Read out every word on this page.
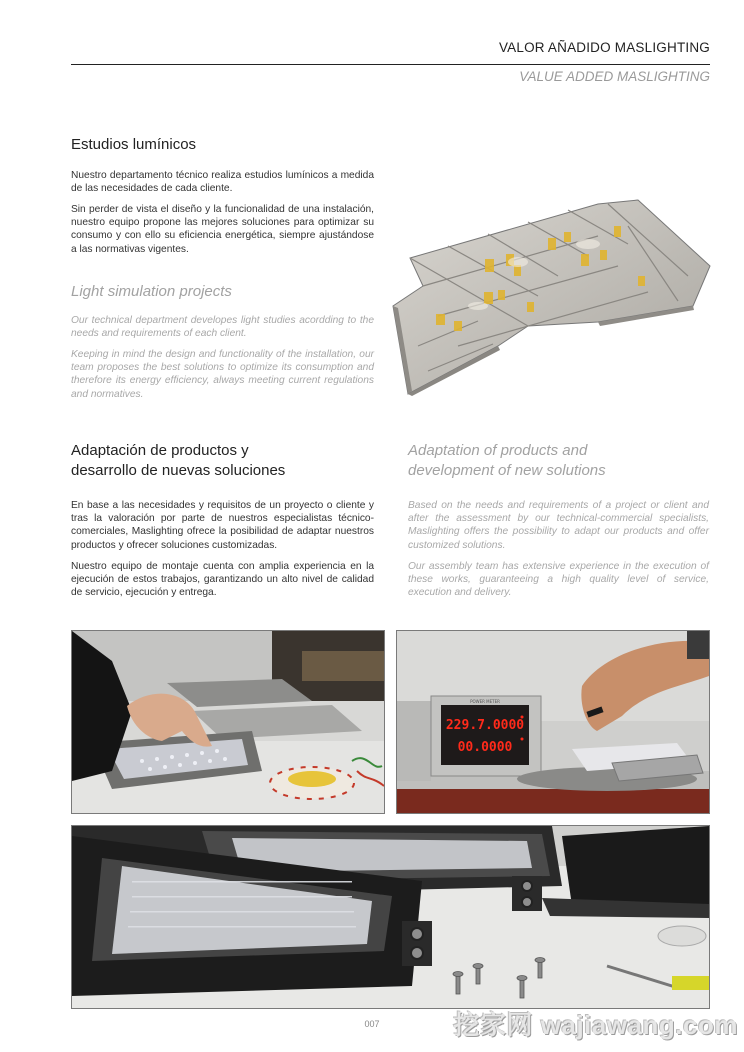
VALOR AÑADIDO MASLIGHTING
VALUE ADDED MASLIGHTING
Estudios lumínicos

Nuestro departamento técnico realiza estudios lumínicos a medida de las necesidades de cada cliente.

Sin perder de vista el diseño y la funcionalidad de una instalación, nuestro equipo propone las mejores soluciones para optimizar su consumo y con ello su eficiencia energética, siempre ajustándose a las normativas vigentes.

Light simulation projects

Our technical department developes light studies acordding to the needs and requirements of each client.

Keeping in mind the design and functionality of the installation, our team proposes the best solutions to optimize its consumption and therefore its energy efficiency, always meeting current regulations and normatives.

Adaptación de productos y
desarrollo de nuevas soluciones

En base a las necesidades y requisitos de un proyecto o cliente y tras la valoración por parte de nuestros especialistas técnico-comerciales, Maslighting ofrece la posibilidad de adaptar nuestros productos y ofrecer soluciones customizadas.

Nuestro equipo de montaje cuenta con amplia experiencia en la ejecución de estos trabajos, garantizando un alto nivel de calidad de servicio, ejecución y entrega.

Adaptation of products and
development of new solutions

Based on the needs and requirements of a project or client and after the assessment by our technical-commercial specialists, Maslighting offers the possibility to adapt our products and offer customized solutions.

Our assembly team has extensive experience in the execution of these works, guaranteeing a high quality level of service, execution and delivery.

POWER METER
229.7.0000
00.0000
007	挖家网 wajiawang.com
